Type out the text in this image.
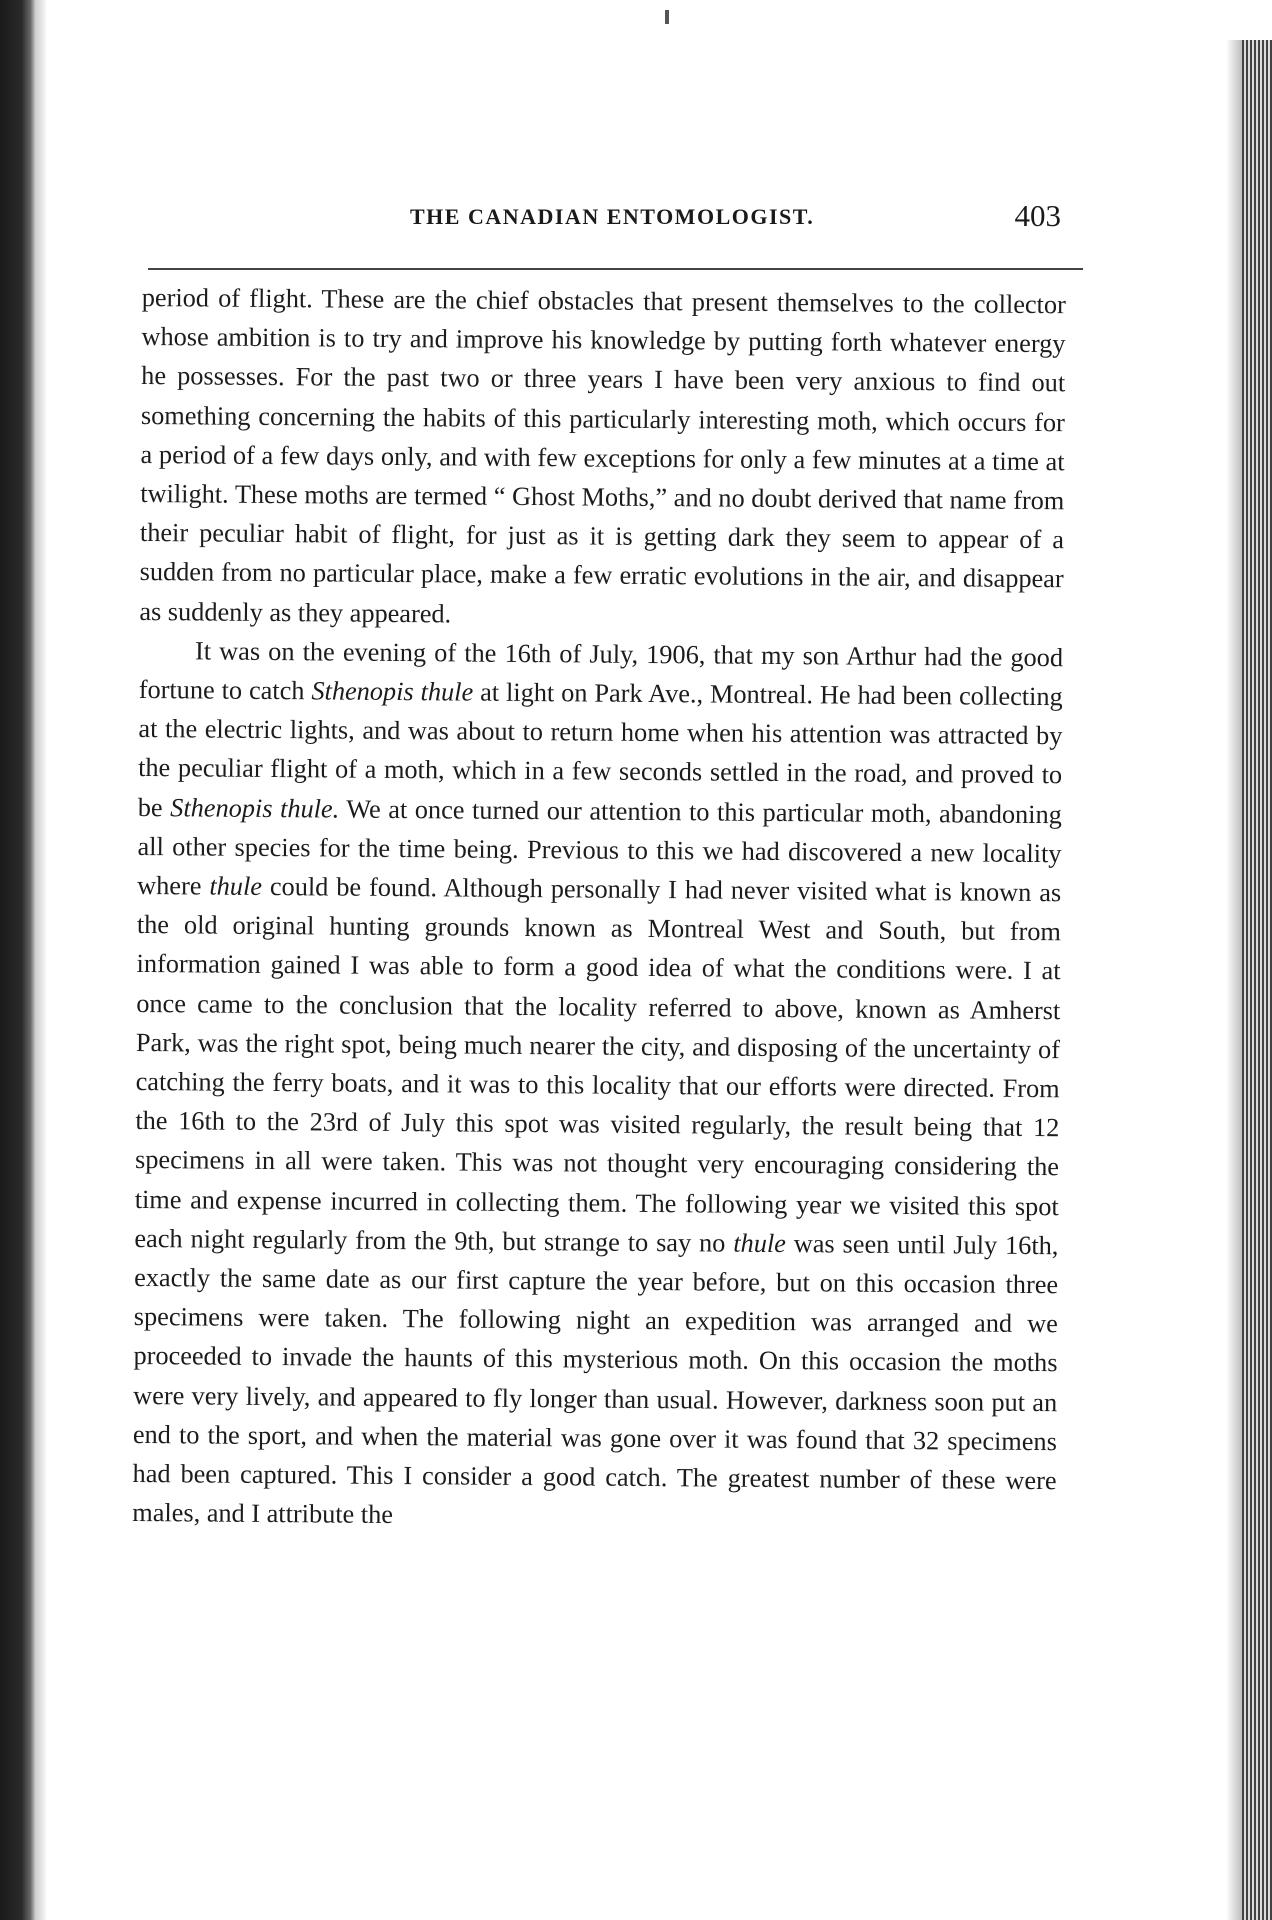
THE CANADIAN ENTOMOLOGIST.	403

period of flight. These are the chief obstacles that present themselves to the collector whose ambition is to try and improve his knowledge by putting forth whatever energy he possesses. For the past two or three years I have been very anxious to find out something concerning the habits of this particularly interesting moth, which occurs for a period of a few days only, and with few exceptions for only a few minutes at a time at twilight. These moths are termed “ Ghost Moths,” and no doubt derived that name from their peculiar habit of flight, for just as it is getting dark they seem to appear of a sudden from no particular place, make a few erratic evolutions in the air, and disappear as suddenly as they appeared.

It was on the evening of the 16th of July, 1906, that my son Arthur had the good fortune to catch Sthenopis thule at light on Park Ave., Montreal. He had been collecting at the electric lights, and was about to return home when his attention was attracted by the peculiar flight of a moth, which in a few seconds settled in the road, and proved to be Sthenopis thule. We at once turned our attention to this particular moth, abandoning all other species for the time being. Previous to this we had discovered a new locality where thule could be found. Although personally I had never visited what is known as the old original hunting grounds known as Montreal West and South, but from information gained I was able to form a good idea of what the conditions were. I at once came to the conclusion that the locality referred to above, known as Amherst Park, was the right spot, being much nearer the city, and disposing of the uncertainty of catching the ferry boats, and it was to this locality that our efforts were directed. From the 16th to the 23rd of July this spot was visited regularly, the result being that 12 specimens in all were taken. This was not thought very encouraging considering the time and expense incurred in collecting them. The following year we visited this spot each night regularly from the 9th, but strange to say no thule was seen until July 16th, exactly the same date as our first capture the year before, but on this occasion three specimens were taken. The following night an expedition was arranged and we proceeded to invade the haunts of this mysterious moth. On this occasion the moths were very lively, and appeared to fly longer than usual. However, darkness soon put an end to the sport, and when the material was gone over it was found that 32 specimens had been captured. This I consider a good catch. The greatest number of these were males, and I attribute the
